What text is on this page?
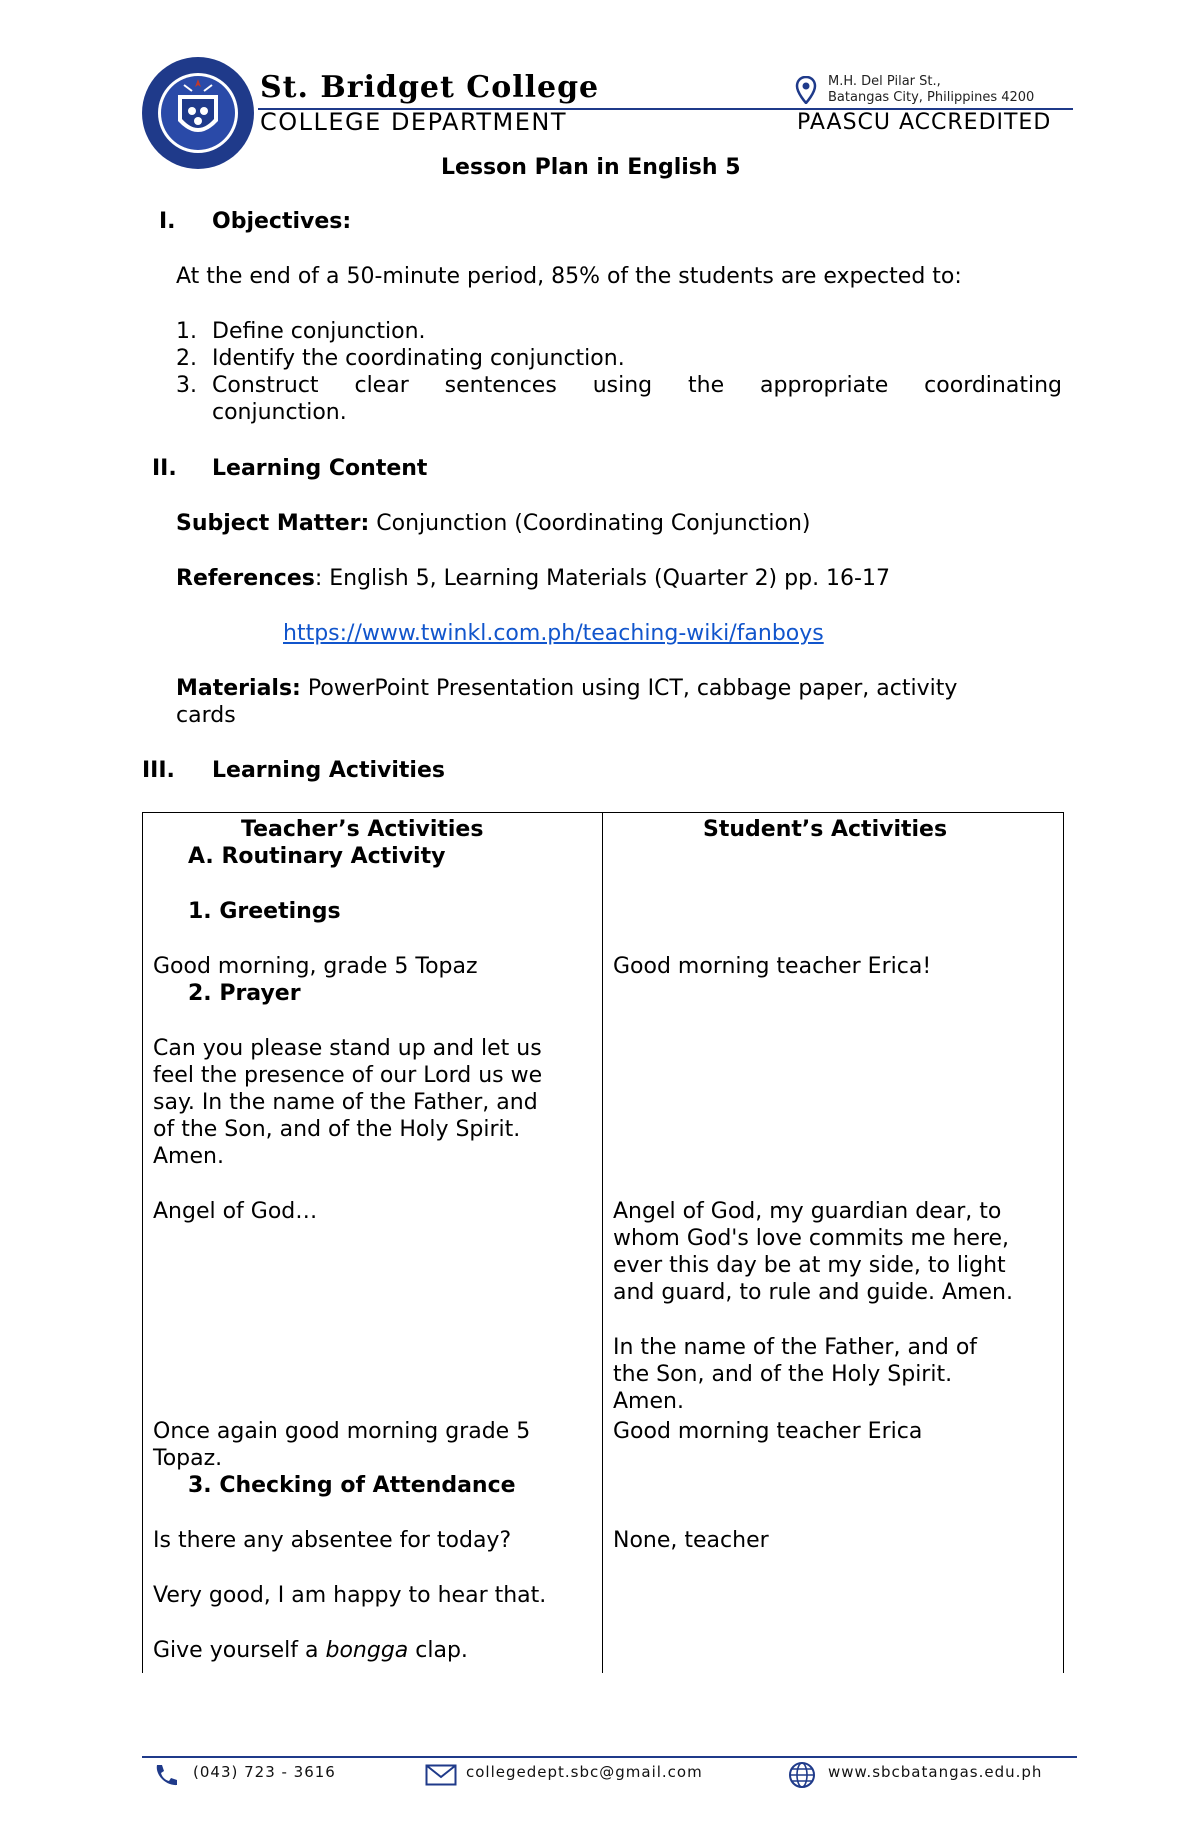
St. Bridget College
COLLEGE DEPARTMENT
M.H. Del Pilar St.,
Batangas City, Philippines 4200
PAASCU ACCREDITED
Lesson Plan in English 5
I. Objectives:
At the end of a 50-minute period, 85% of the students are expected to:
1. Define conjunction.
2. Identify the coordinating conjunction.
3. Construct clear sentences using the appropriate coordinating
conjunction.
II. Learning Content
Subject Matter: Conjunction (Coordinating Conjunction)
References: English 5, Learning Materials (Quarter 2) pp. 16-17
https://www.twinkl.com.ph/teaching-wiki/fanboys
Materials: PowerPoint Presentation using ICT, cabbage paper, activity
cards
III. Learning Activities
Teacher’s Activities
A. Routinary Activity
1. Greetings
Good morning, grade 5 Topaz
2. Prayer
Can you please stand up and let us
feel the presence of our Lord us we
say. In the name of the Father, and
of the Son, and of the Holy Spirit.
Amen.
Angel of God…
Once again good morning grade 5
Topaz.
3. Checking of Attendance
Is there any absentee for today?
Very good, I am happy to hear that.
Give yourself a bongga clap.
Student’s Activities
Good morning teacher Erica!
Angel of God, my guardian dear, to
whom God's love commits me here,
ever this day be at my side, to light
and guard, to rule and guide. Amen.
In the name of the Father, and of
the Son, and of the Holy Spirit.
Amen.
Good morning teacher Erica
None, teacher
(043) 723 - 3616	collegedept.sbc@gmail.com	www.sbcbatangas.edu.ph
